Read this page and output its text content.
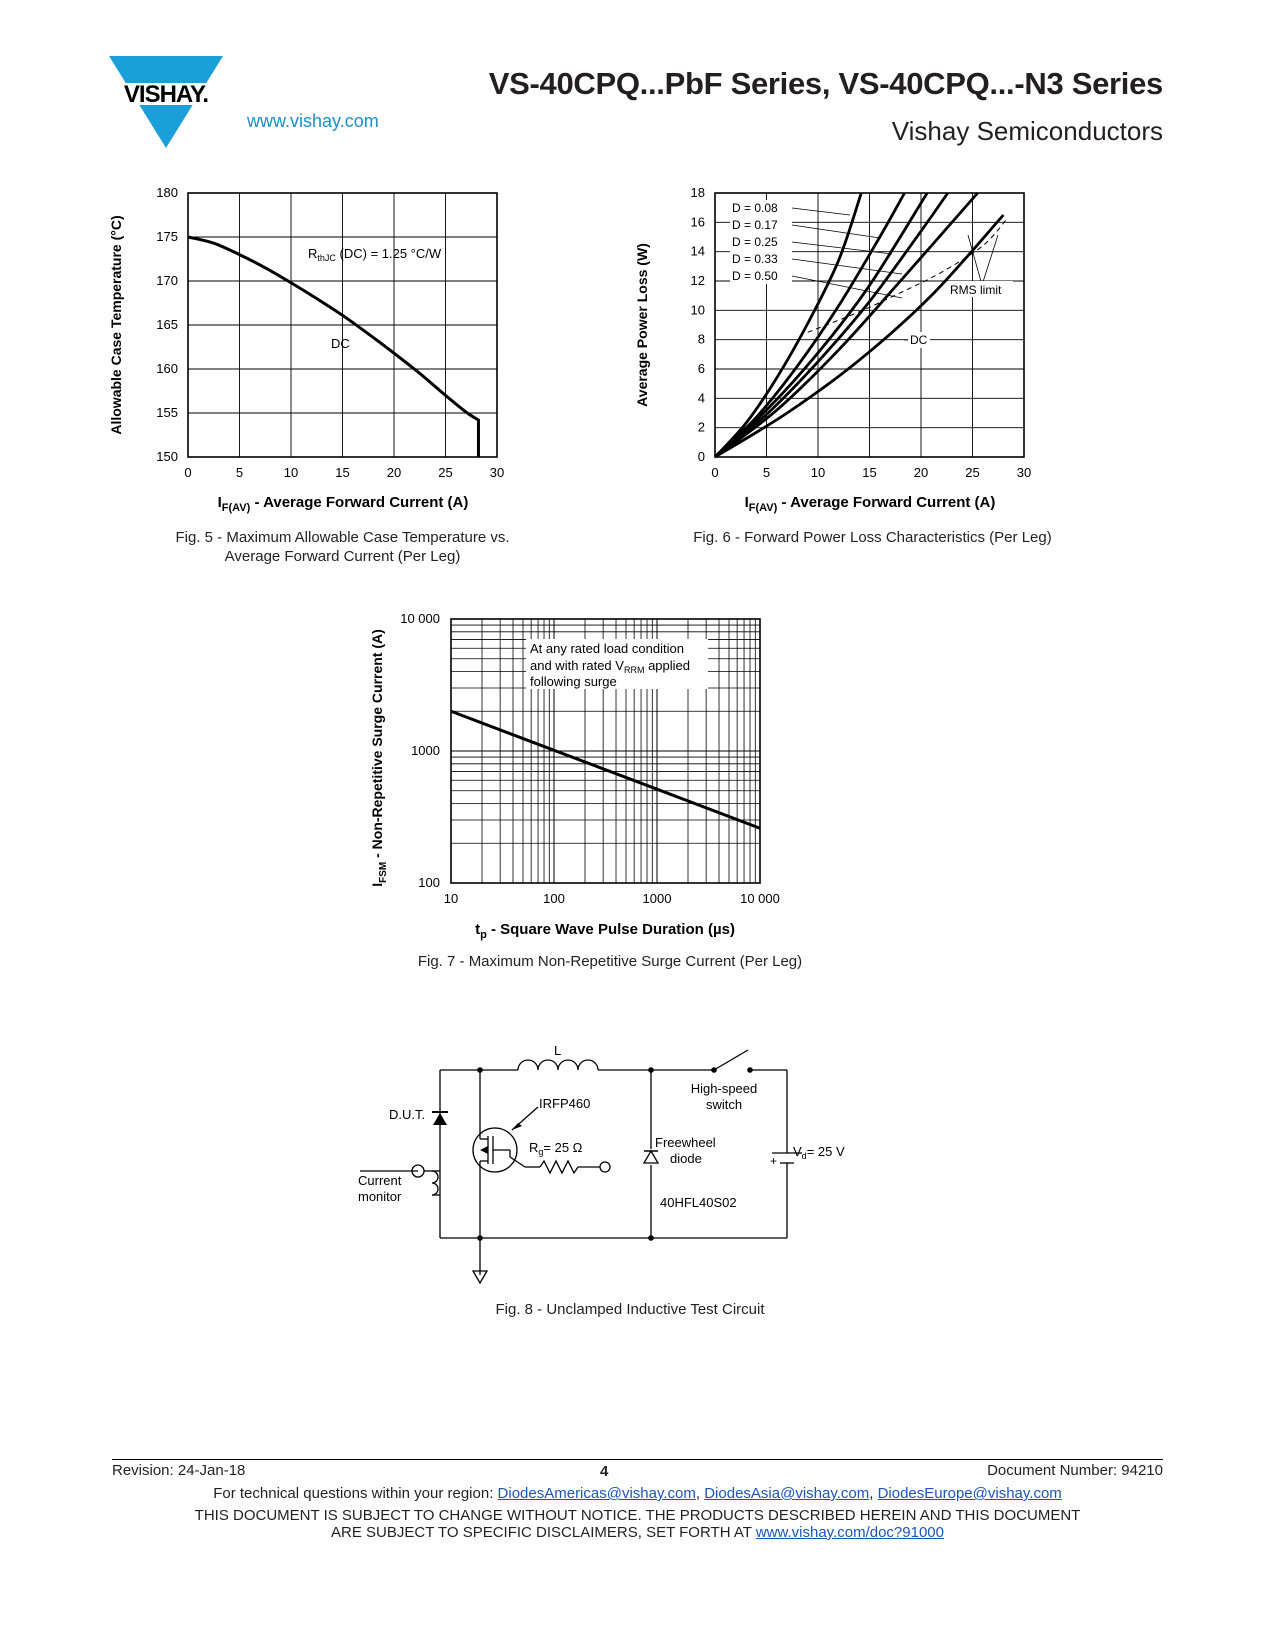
VISHAY.	VS-40CPQ...PbF Series, VS-40CPQ...-N3 Series
www.vishay.com	Vishay Semiconductors
0	5	10	15	20	25	30
150
155
160
165
170
175
180
$R_{thJC}$ (DC) = 1.25 °C/W
DC
Allowable Case Temperature (°C)
$I_{F(AV)}$ - Average Forward Current (A)
Fig. 5 - Maximum Allowable Case Temperature vs.
Average Forward Current (Per Leg)
0	5	10	15	20	25	30
0
2
4
6
8
10
12
14
16
18
D = 0.08
D = 0.17
D = 0.25
D = 0.33
D = 0.50
RMS limit
DC
Average Power Loss (W)
$I_{F(AV)}$ - Average Forward Current (A)
Fig. 6 - Forward Power Loss Characteristics (Per Leg)
10	100	1000	10 000
100
1000
10 000
At any rated load condition
and with rated $V_{RRM}$ applied
following surge
$I_{FSM}$ - Non-Repetitive Surge Current (A)
$t_p$ - Square Wave Pulse Duration (µs)
Fig. 7 - Maximum Non-Repetitive Surge Current (Per Leg)
L
IRFP460
D.U.T.
$R_g= 25$ Ω
Current
monitor
High-speed
switch
Freewheel
diode
40HFL40S02
+
$V_d= 25$ V
Fig. 8 - Unclamped Inductive Test Circuit
Revision: 24-Jan-18	4	Document Number: 94210
For technical questions within your region: DiodesAmericas@vishay.com, DiodesAsia@vishay.com, DiodesEurope@vishay.com
THIS DOCUMENT IS SUBJECT TO CHANGE WITHOUT NOTICE. THE PRODUCTS DESCRIBED HEREIN AND THIS DOCUMENT
ARE SUBJECT TO SPECIFIC DISCLAIMERS, SET FORTH AT www.vishay.com/doc?91000
